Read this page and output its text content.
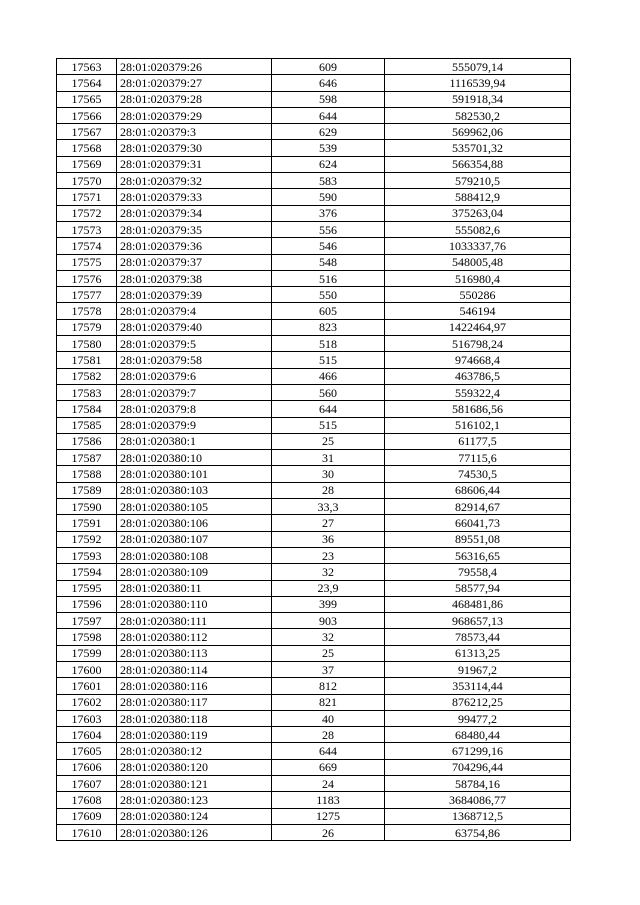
17563	28:01:020379:26	609	555079,14
17564	28:01:020379:27	646	1116539,94
17565	28:01:020379:28	598	591918,34
17566	28:01:020379:29	644	582530,2
17567	28:01:020379:3	629	569962,06
17568	28:01:020379:30	539	535701,32
17569	28:01:020379:31	624	566354,88
17570	28:01:020379:32	583	579210,5
17571	28:01:020379:33	590	588412,9
17572	28:01:020379:34	376	375263,04
17573	28:01:020379:35	556	555082,6
17574	28:01:020379:36	546	1033337,76
17575	28:01:020379:37	548	548005,48
17576	28:01:020379:38	516	516980,4
17577	28:01:020379:39	550	550286
17578	28:01:020379:4	605	546194
17579	28:01:020379:40	823	1422464,97
17580	28:01:020379:5	518	516798,24
17581	28:01:020379:58	515	974668,4
17582	28:01:020379:6	466	463786,5
17583	28:01:020379:7	560	559322,4
17584	28:01:020379:8	644	581686,56
17585	28:01:020379:9	515	516102,1
17586	28:01:020380:1	25	61177,5
17587	28:01:020380:10	31	77115,6
17588	28:01:020380:101	30	74530,5
17589	28:01:020380:103	28	68606,44
17590	28:01:020380:105	33,3	82914,67
17591	28:01:020380:106	27	66041,73
17592	28:01:020380:107	36	89551,08
17593	28:01:020380:108	23	56316,65
17594	28:01:020380:109	32	79558,4
17595	28:01:020380:11	23,9	58577,94
17596	28:01:020380:110	399	468481,86
17597	28:01:020380:111	903	968657,13
17598	28:01:020380:112	32	78573,44
17599	28:01:020380:113	25	61313,25
17600	28:01:020380:114	37	91967,2
17601	28:01:020380:116	812	353114,44
17602	28:01:020380:117	821	876212,25
17603	28:01:020380:118	40	99477,2
17604	28:01:020380:119	28	68480,44
17605	28:01:020380:12	644	671299,16
17606	28:01:020380:120	669	704296,44
17607	28:01:020380:121	24	58784,16
17608	28:01:020380:123	1183	3684086,77
17609	28:01:020380:124	1275	1368712,5
17610	28:01:020380:126	26	63754,86
